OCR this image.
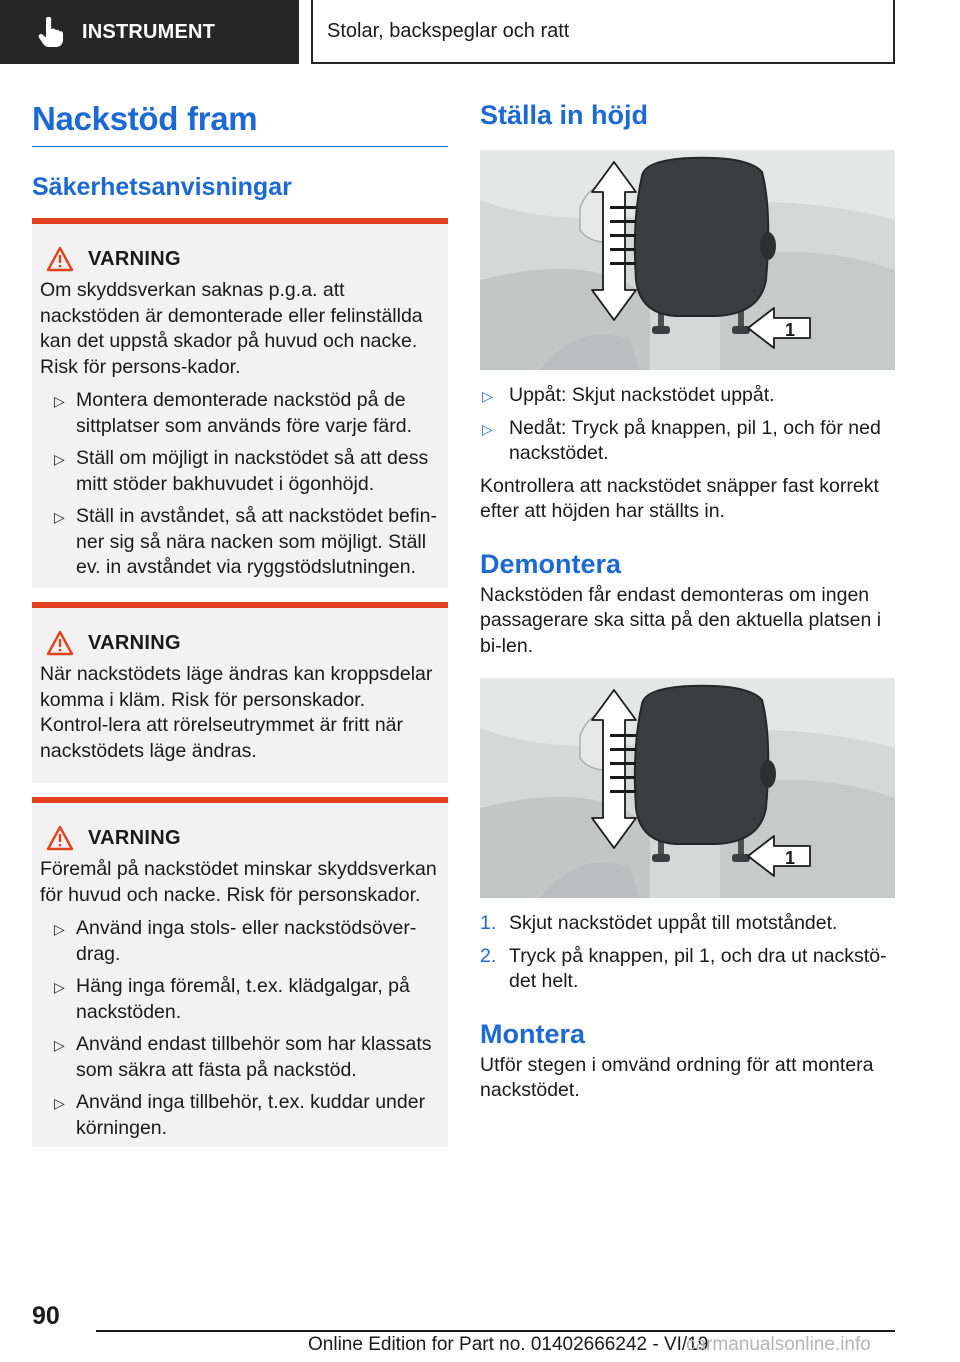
INSTRUMENT	Stolar, backspeglar och ratt
Nackstöd fram
Säkerhetsanvisningar
VARNING
Om skyddsverkan saknas p.g.a. att nackstöden är demonterade eller felinställda kan det uppstå skador på huvud och nacke. Risk för persons-kador.
▷ Montera demonterade nackstöd på de sittplatser som används före varje färd.
▷ Ställ om möjligt in nackstödet så att dess mitt stöder bakhuvudet i ögonhöjd.
▷ Ställ in avståndet, så att nackstödet befin-ner sig så nära nacken som möjligt. Ställ ev. in avståndet via ryggstödslutningen.
VARNING
När nackstödets läge ändras kan kroppsdelar komma i kläm. Risk för personskador. Kontrol-lera att rörelseutrymmet är fritt när nackstödets läge ändras.
VARNING
Föremål på nackstödet minskar skyddsverkan för huvud och nacke. Risk för personskador.
▷ Använd inga stols- eller nackstödsöver-drag.
▷ Häng inga föremål, t.ex. klädgalgar, på nackstöden.
▷ Använd endast tillbehör som har klassats som säkra att fästa på nackstöd.
▷ Använd inga tillbehör, t.ex. kuddar under körningen.
Ställa in höjd
1
▷ Uppåt: Skjut nackstödet uppåt.
▷ Nedåt: Tryck på knappen, pil 1, och för ned nackstödet.
Kontrollera att nackstödet snäpper fast korrekt efter att höjden har ställts in.
Demontera
Nackstöden får endast demonteras om ingen passagerare ska sitta på den aktuella platsen i bi-len.
1
1. Skjut nackstödet uppåt till motståndet.
2. Tryck på knappen, pil 1, och dra ut nackstö-det helt.
Montera
Utför stegen i omvänd ordning för att montera nackstödet.
90
Online Edition for Part no. 01402666242 - VI/19
carmanualsonline.info
